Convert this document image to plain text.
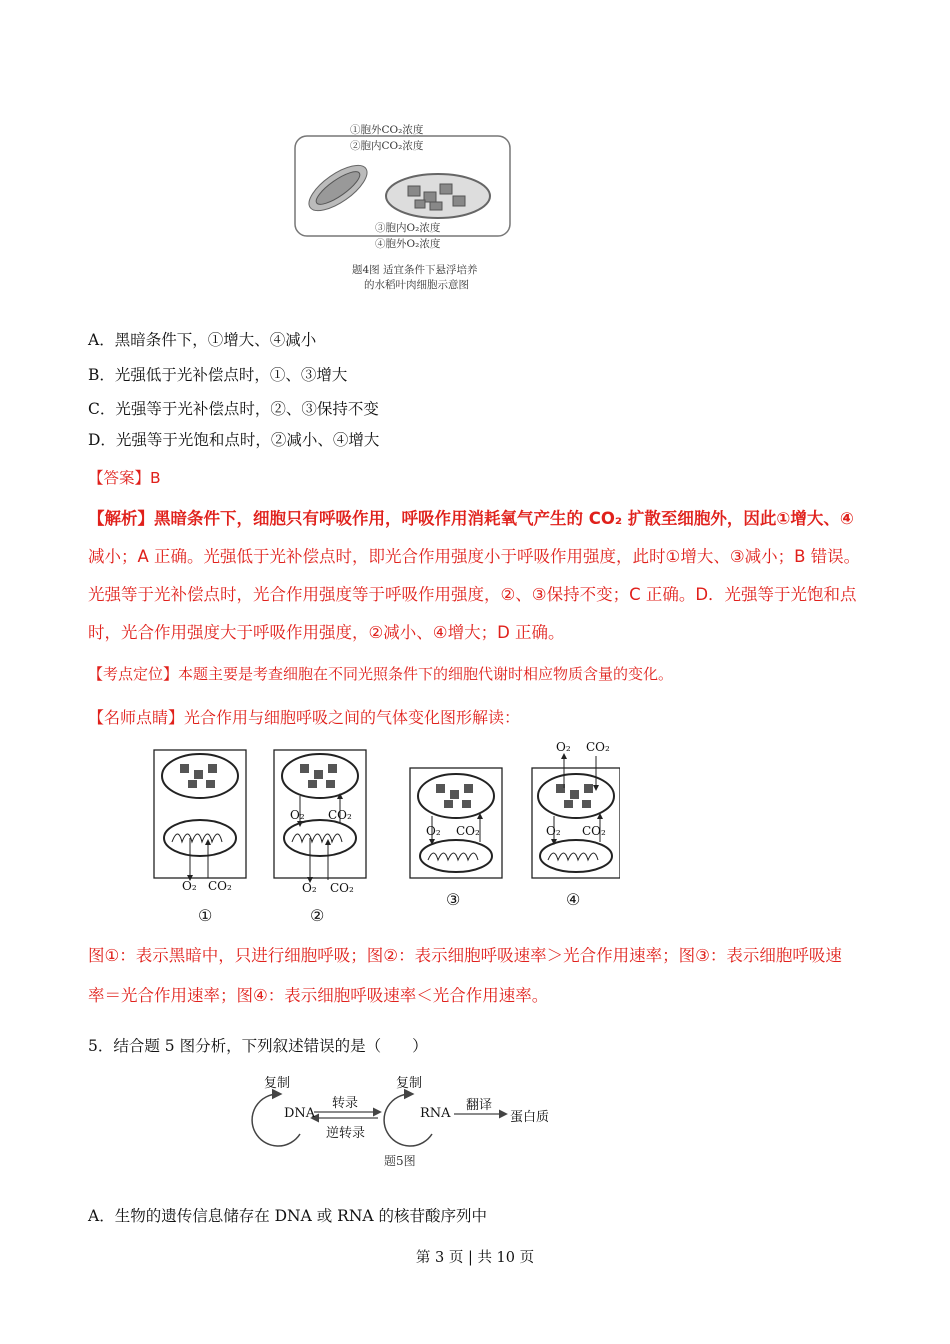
①胞外CO₂浓度
②胞内CO₂浓度
③胞内O₂浓度
④胞外O₂浓度
题4图 适宜条件下悬浮培养
的水稻叶肉细胞示意图
A．黑暗条件下，①增大、④减小
B．光强低于光补偿点时，①、③增大
C．光强等于光补偿点时，②、③保持不变
D．光强等于光饱和点时，②减小、④增大
【答案】B
【解析】黑暗条件下，细胞只有呼吸作用，呼吸作用消耗氧气产生的 CO₂ 扩散至细胞外，因此①增大、④
减小；A 正确。光强低于光补偿点时，即光合作用强度小于呼吸作用强度，此时①增大、③减小；B 错误。
光强等于光补偿点时，光合作用强度等于呼吸作用强度，②、③保持不变；C 正确。D．光强等于光饱和点
时，光合作用强度大于呼吸作用强度，②减小、④增大；D 正确。
【考点定位】本题主要是考查细胞在不同光照条件下的细胞代谢时相应物质含量的变化。
【名师点睛】光合作用与细胞呼吸之间的气体变化图形解读：
O₂ CO₂
O₂ CO₂
O₂ CO₂
O₂ CO₂
O₂ CO₂
O₂ CO₂
①	②
③	④
图①：表示黑暗中，只进行细胞呼吸；图②：表示细胞呼吸速率＞光合作用速率；图③：表示细胞呼吸速
率＝光合作用速率；图④：表示细胞呼吸速率＜光合作用速率。
5．结合题 5 图分析，下列叙述错误的是（　　）
复制	复制
DNA	RNA
转录
逆转录
翻译
蛋白质
题5图
A．生物的遗传信息储存在 DNA 或 RNA 的核苷酸序列中
第 3 页 | 共 10 页
